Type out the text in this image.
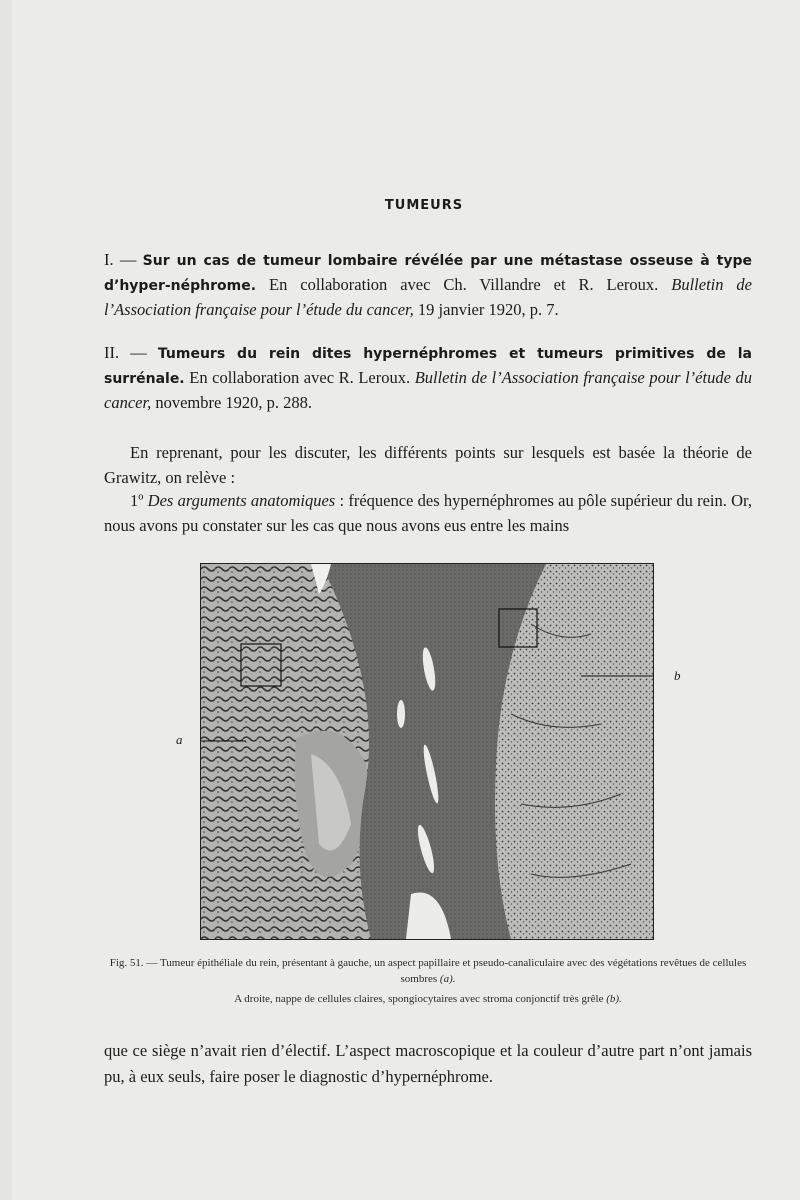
TUMEURS
I. — Sur un cas de tumeur lombaire révélée par une métastase osseuse à type d’hyper-néphrome. En collaboration avec Ch. Villandre et R. Leroux. Bulletin de l’Association française pour l’étude du cancer, 19 janvier 1920, p. 7.
II. — Tumeurs du rein dites hypernéphromes et tumeurs primitives de la surrénale. En collaboration avec R. Leroux. Bulletin de l’Association française pour l’étude du cancer, novembre 1920, p. 288.
En reprenant, pour les discuter, les différents points sur lesquels est basée la théorie de Grawitz, on relève :
1º Des arguments anatomiques : fréquence des hypernéphromes au pôle supérieur du rein. Or, nous avons pu constater sur les cas que nous avons eus entre les mains
a
b
Fig. 51. — Tumeur épithéliale du rein, présentant à gauche, un aspect papillaire et pseudo-canaliculaire avec des végétations revêtues de cellules sombres (a).
A droite, nappe de cellules claires, spongiocytaires avec stroma conjonctif très grêle (b).
que ce siège n’avait rien d’électif. L’aspect macroscopique et la couleur d’autre part n’ont jamais pu, à eux seuls, faire poser le diagnostic d’hypernéphrome.
